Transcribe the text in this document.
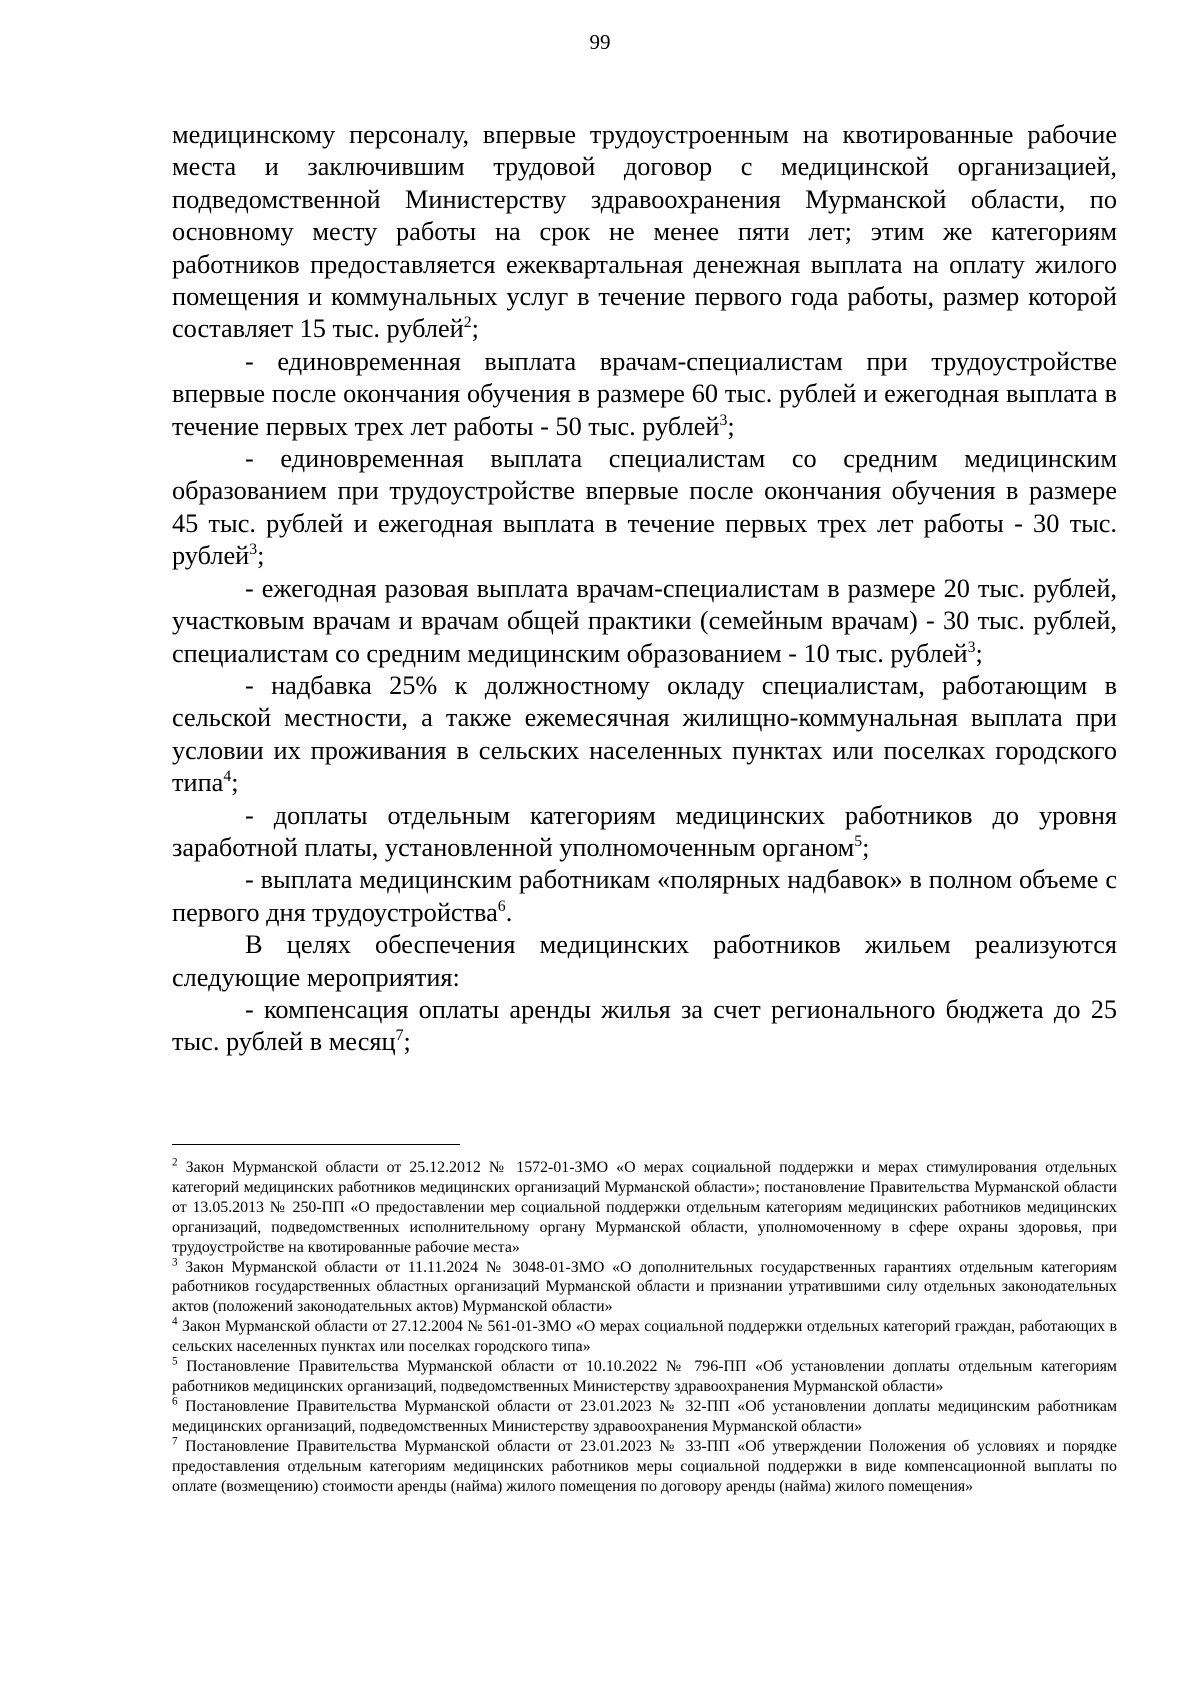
99

медицинскому персоналу, впервые трудоустроенным на квотированные рабочие места и заключившим трудовой договор с медицинской организацией, подведомственной Министерству здравоохранения Мурманской области, по основному месту работы на срок не менее пяти лет; этим же категориям работников предоставляется ежеквартальная денежная выплата на оплату жилого помещения и коммунальных услуг в течение первого года работы, размер которой составляет 15 тыс. рублей$^2$;

- единовременная выплата врачам-специалистам при трудоустройстве впервые после окончания обучения в размере 60 тыс. рублей и ежегодная выплата в течение первых трех лет работы - 50 тыс. рублей$^3$;

- единовременная выплата специалистам со средним медицинским образованием при трудоустройстве впервые после окончания обучения в размере 45 тыс. рублей и ежегодная выплата в течение первых трех лет работы - 30 тыс. рублей$^3$;

- ежегодная разовая выплата врачам-специалистам в размере 20 тыс. рублей, участковым врачам и врачам общей практики (семейным врачам) - 30 тыс. рублей, специалистам со средним медицинским образованием - 10 тыс. рублей$^3$;

- надбавка 25% к должностному окладу специалистам, работающим в сельской местности, а также ежемесячная жилищно-коммунальная выплата при условии их проживания в сельских населенных пунктах или поселках городского типа$^4$;

- доплаты отдельным категориям медицинских работников до уровня заработной платы, установленной уполномоченным органом$^5$;

- выплата медицинским работникам «полярных надбавок» в полном объеме с первого дня трудоустройства$^6$.

В целях обеспечения медицинских работников жильем реализуются следующие мероприятия:

- компенсация оплаты аренды жилья за счет регионального бюджета до 25 тыс. рублей в месяц$^7$;

$^2$ Закон Мурманской области от 25.12.2012 № 1572-01-ЗМО «О мерах социальной поддержки и мерах стимулирования отдельных категорий медицинских работников медицинских организаций Мурманской области»; постановление Правительства Мурманской области от 13.05.2013 № 250-ПП «О предоставлении мер социальной поддержки отдельным категориям медицинских работников медицинских организаций, подведомственных исполнительному органу Мурманской области, уполномоченному в сфере охраны здоровья, при трудоустройстве на квотированные рабочие места»

$^3$ Закон Мурманской области от 11.11.2024 № 3048-01-ЗМО «О дополнительных государственных гарантиях отдельным категориям работников государственных областных организаций Мурманской области и признании утратившими силу отдельных законодательных актов (положений законодательных актов) Мурманской области»

$^4$ Закон Мурманской области от 27.12.2004 № 561-01-ЗМО «О мерах социальной поддержки отдельных категорий граждан, работающих в сельских населенных пунктах или поселках городского типа»

$^5$ Постановление Правительства Мурманской области от 10.10.2022 № 796-ПП «Об установлении доплаты отдельным категориям работников медицинских организаций, подведомственных Министерству здравоохранения Мурманской области»

$^6$ Постановление Правительства Мурманской области от 23.01.2023 № 32-ПП «Об установлении доплаты медицинским работникам медицинских организаций, подведомственных Министерству здравоохранения Мурманской области»

$^7$ Постановление Правительства Мурманской области от 23.01.2023 № 33-ПП «Об утверждении Положения об условиях и порядке предоставления отдельным категориям медицинских работников меры социальной поддержки в виде компенсационной выплаты по оплате (возмещению) стоимости аренды (найма) жилого помещения по договору аренды (найма) жилого помещения»
